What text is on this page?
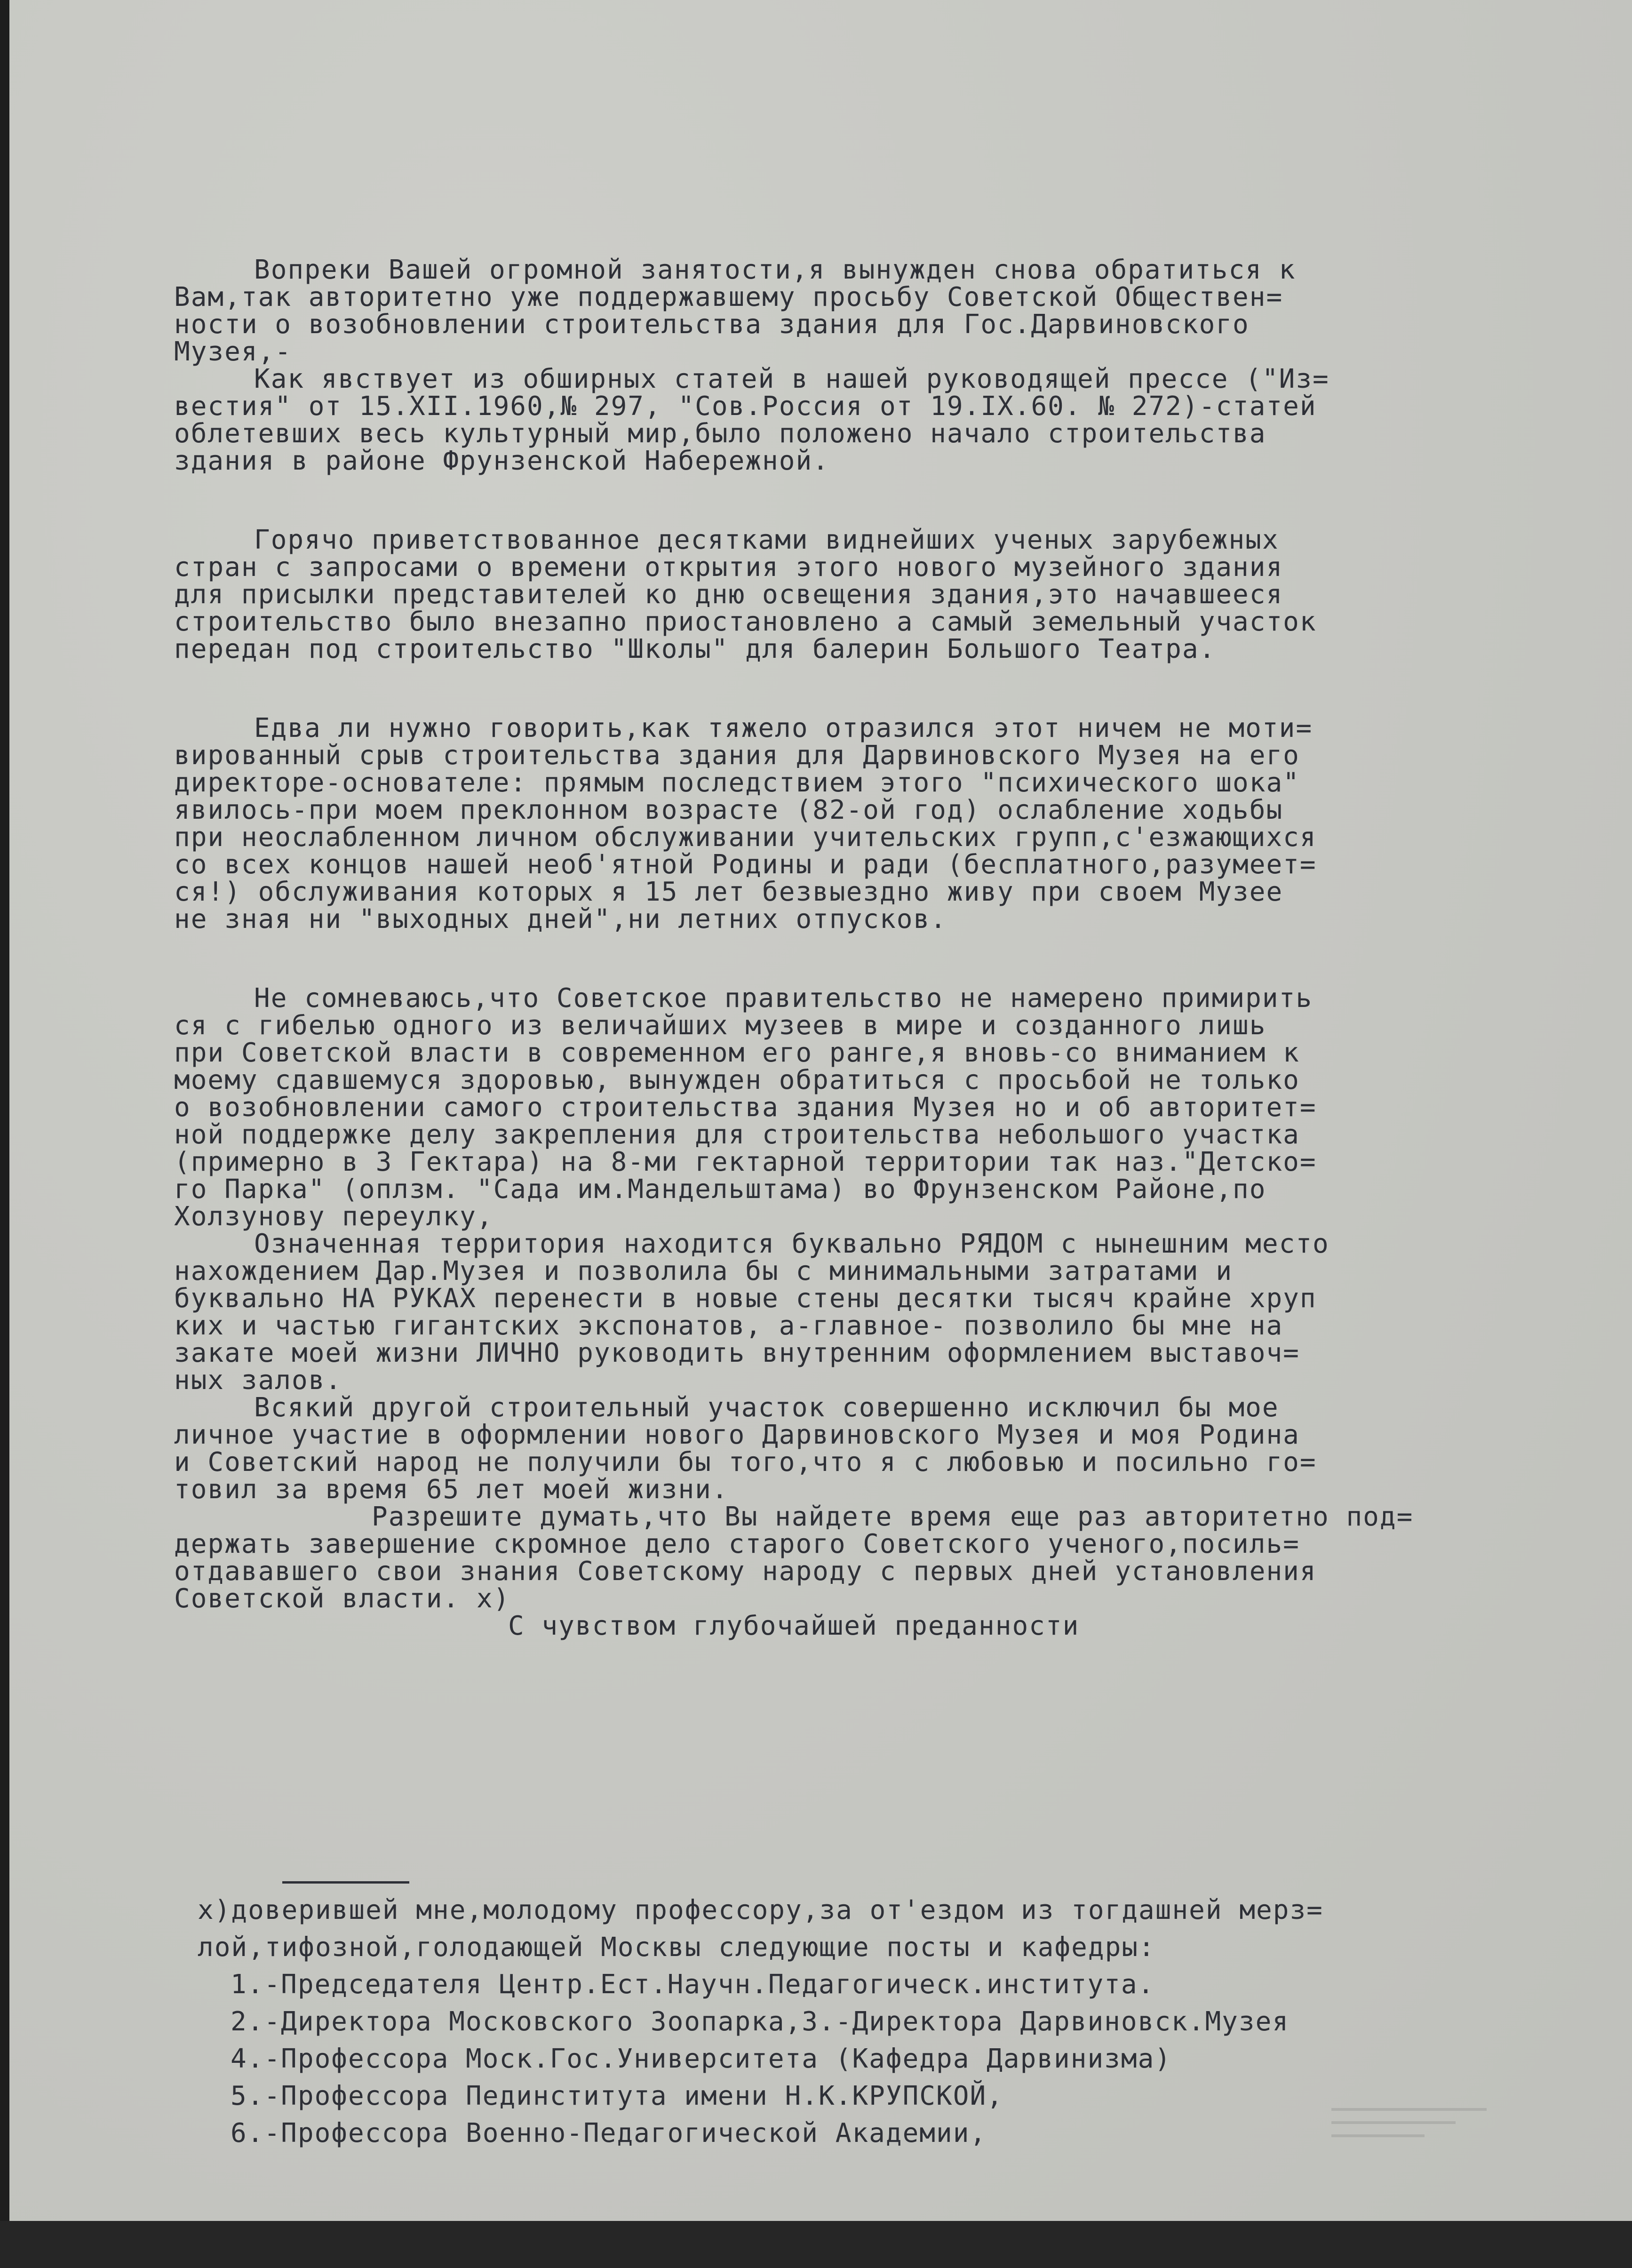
Вопреки Вашей огромной занятости,я вынужден снова обратиться к
Вам,так авторитетно уже поддержавшему просьбу Советской Обществен=
ности о возобновлении строительства здания для Гос.Дарвиновского
Музея,-
Как явствует из обширных статей в нашей руководящей прессе ("Из=
вестия" от 15.XII.1960,№ 297, "Сов.Россия от 19.IX.60. № 272)-статей
облетевших весь культурный мир,было положено начало строительства
здания в районе Фрунзенской Набережной.
Горячо приветствованное десятками виднейших ученых зарубежных
стран с запросами о времени открытия этого нового музейного здания
для присылки представителей ко дню освещения здания,это начавшееся
строительство было внезапно приостановлено а самый земельный участок
передан под строительство "Школы" для балерин Большого Театра.
Едва ли нужно говорить,как тяжело отразился этот ничем не моти=
вированный срыв строительства здания для Дарвиновского Музея на его
директоре-основателе: прямым последствием этого "психического шока"
явилось-при моем преклонном возрасте (82-ой год) ослабление ходьбы
при неослабленном личном обслуживании учительских групп,с'езжающихся
со всех концов нашей необ'ятной Родины и ради (бесплатного,разумеет=
ся!) обслуживания которых я 15 лет безвыездно живу при своем Музее
не зная ни "выходных дней",ни летних отпусков.
Не сомневаюсь,что Советское правительство не намерено примирить
ся с гибелью одного из величайших музеев в мире и созданного лишь
при Советской власти в современном его ранге,я вновь-со вниманием к
моему сдавшемуся здоровью, вынужден обратиться с просьбой не только
о возобновлении самого строительства здания Музея но и об авторитет=
ной поддержке делу закрепления для строительства небольшого участка
(примерно в 3 Гектара) на 8-ми гектарной территории так наз."Детско=
го Парка" (оплзм. "Сада им.Мандельштама) во Фрунзенском Районе,по
Холзунову переулку,
Означенная территория находится буквально РЯДОМ с нынешним место
нахождением Дар.Музея и позволила бы с минимальными затратами и
буквально НА РУКАХ перенести в новые стены десятки тысяч крайне хруп
ких и частью гигантских экспонатов, а-главное- позволило бы мне на
закате моей жизни ЛИЧНО руководить внутренним оформлением выставоч=
ных залов.
Всякий другой строительный участок совершенно исключил бы мое
личное участие в оформлении нового Дарвиновского Музея и моя Родина
и Советский народ не получили бы того,что я с любовью и посильно го=
товил за время 65 лет моей жизни.
Разрешите думать,что Вы найдете время еще раз авторитетно под=
держать завершение скромное дело старого Советского ученого,посиль=
отдававшего свои знания Советскому народу с первых дней установления
Советской власти. х)
С чувством глубочайшей преданности
х)доверившей мне,молодому профессору,за от'ездом из тогдашней мерз=
лой,тифозной,голодающей Москвы следующие посты и кафедры:
1.-Председателя Центр.Ест.Научн.Педагогическ.института.
2.-Директора Московского Зоопарка,3.-Директора Дарвиновск.Музея
4.-Профессора Моск.Гос.Университета (Кафедра Дарвинизма)
5.-Профессора Пединститута имени Н.К.КРУПСКОЙ,
6.-Профессора Военно-Педагогической Академии,
